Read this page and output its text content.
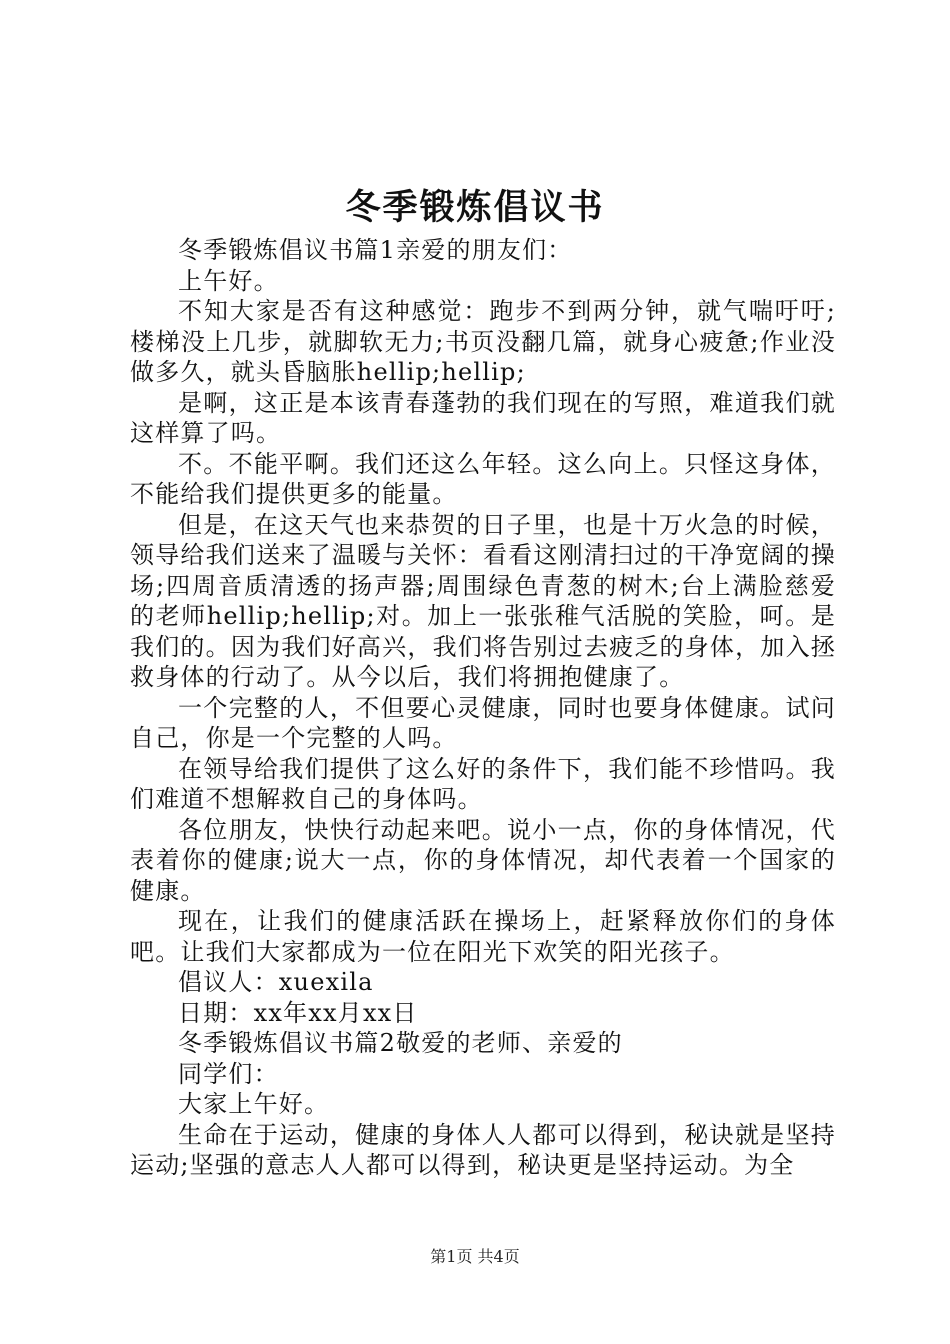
冬季锻炼倡议书

冬季锻炼倡议书篇1亲爱的朋友们：

上午好。

不知大家是否有这种感觉：跑步不到两分钟，就气喘吁吁;楼梯没上几步，就脚软无力;书页没翻几篇，就身心疲惫;作业没做多久，就头昏脑胀hellip;hellip;

是啊，这正是本该青春蓬勃的我们现在的写照，难道我们就这样算了吗。

不。不能平啊。我们还这么年轻。这么向上。只怪这身体，不能给我们提供更多的能量。

但是，在这天气也来恭贺的日子里，也是十万火急的时候，领导给我们送来了温暖与关怀：看看这刚清扫过的干净宽阔的操场;四周音质清透的扬声器;周围绿色青葱的树木;台上满脸慈爱的老师hellip;hellip;对。加上一张张稚气活脱的笑脸，呵。是我们的。因为我们好高兴，我们将告别过去疲乏的身体，加入拯救身体的行动了。从今以后，我们将拥抱健康了。

一个完整的人，不但要心灵健康，同时也要身体健康。试问自己，你是一个完整的人吗。

在领导给我们提供了这么好的条件下，我们能不珍惜吗。我们难道不想解救自己的身体吗。

各位朋友，快快行动起来吧。说小一点，你的身体情况，代表着你的健康;说大一点，你的身体情况，却代表着一个国家的健康。

现在，让我们的健康活跃在操场上，赶紧释放你们的身体吧。让我们大家都成为一位在阳光下欢笑的阳光孩子。

倡议人：xuexila

日期：xx年xx月xx日

冬季锻炼倡议书篇2敬爱的老师、亲爱的

同学们：

大家上午好。

生命在于运动，健康的身体人人都可以得到，秘诀就是坚持运动;坚强的意志人人都可以得到，秘诀更是坚持运动。为全

第1页 共4页
